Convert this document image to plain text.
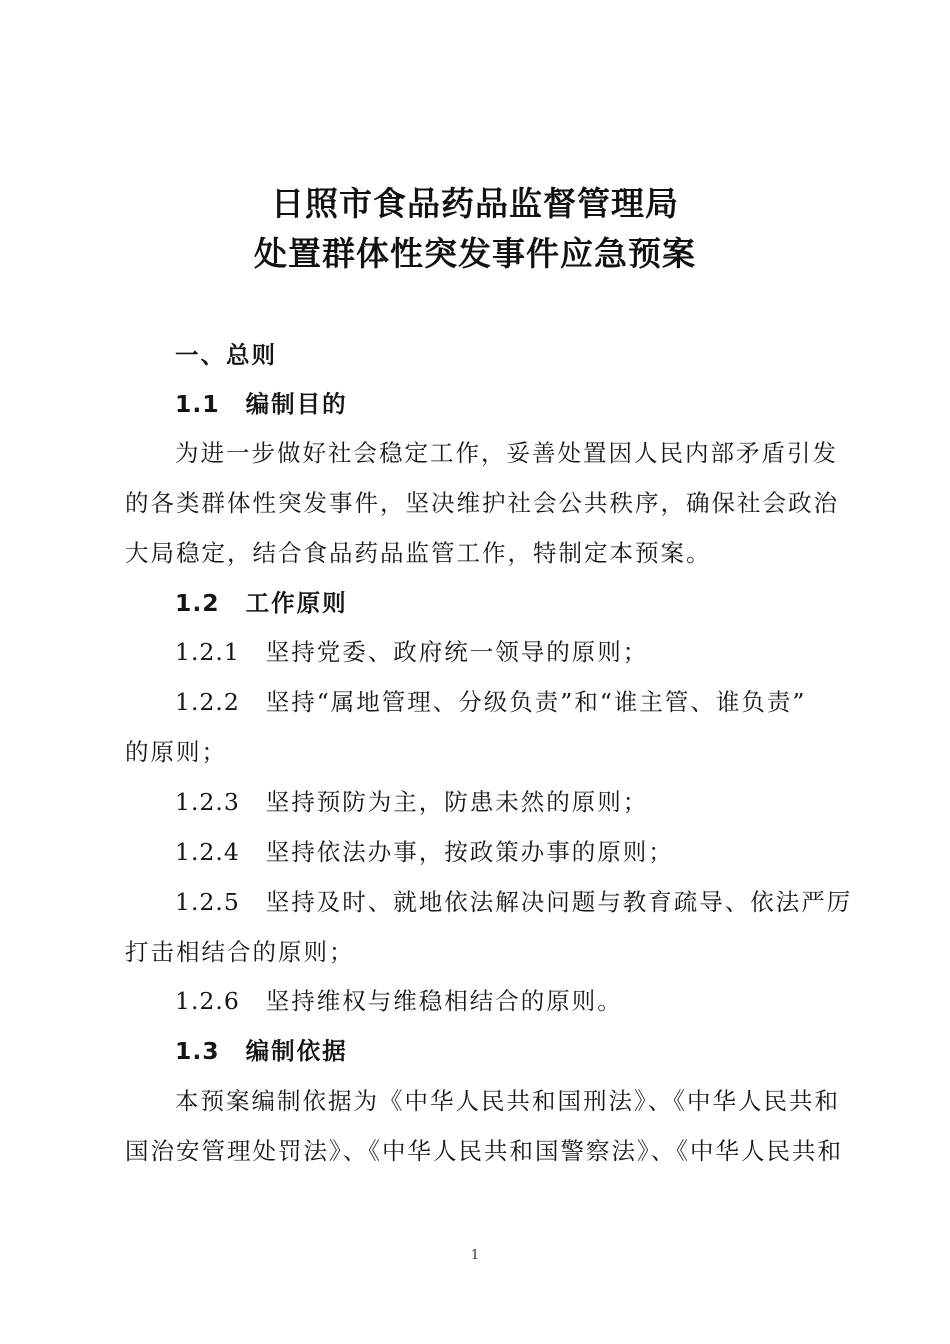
日照市食品药品监督管理局
处置群体性突发事件应急预案
一、总则
1.1 编制目的
为进一步做好社会稳定工作，妥善处置因人民内部矛盾引发
的各类群体性突发事件，坚决维护社会公共秩序，确保社会政治
大局稳定，结合食品药品监管工作，特制定本预案。
1.2 工作原则
1.2.1 坚持党委、政府统一领导的原则；
1.2.2 坚持“属地管理、分级负责”和“谁主管、谁负责”
的原则；
1.2.3 坚持预防为主，防患未然的原则；
1.2.4 坚持依法办事，按政策办事的原则；
1.2.5 坚持及时、就地依法解决问题与教育疏导、依法严厉
打击相结合的原则；
1.2.6 坚持维权与维稳相结合的原则。
1.3 编制依据
本预案编制依据为《中华人民共和国刑法》、《中华人民共和
国治安管理处罚法》、《中华人民共和国警察法》、《中华人民共和
1
